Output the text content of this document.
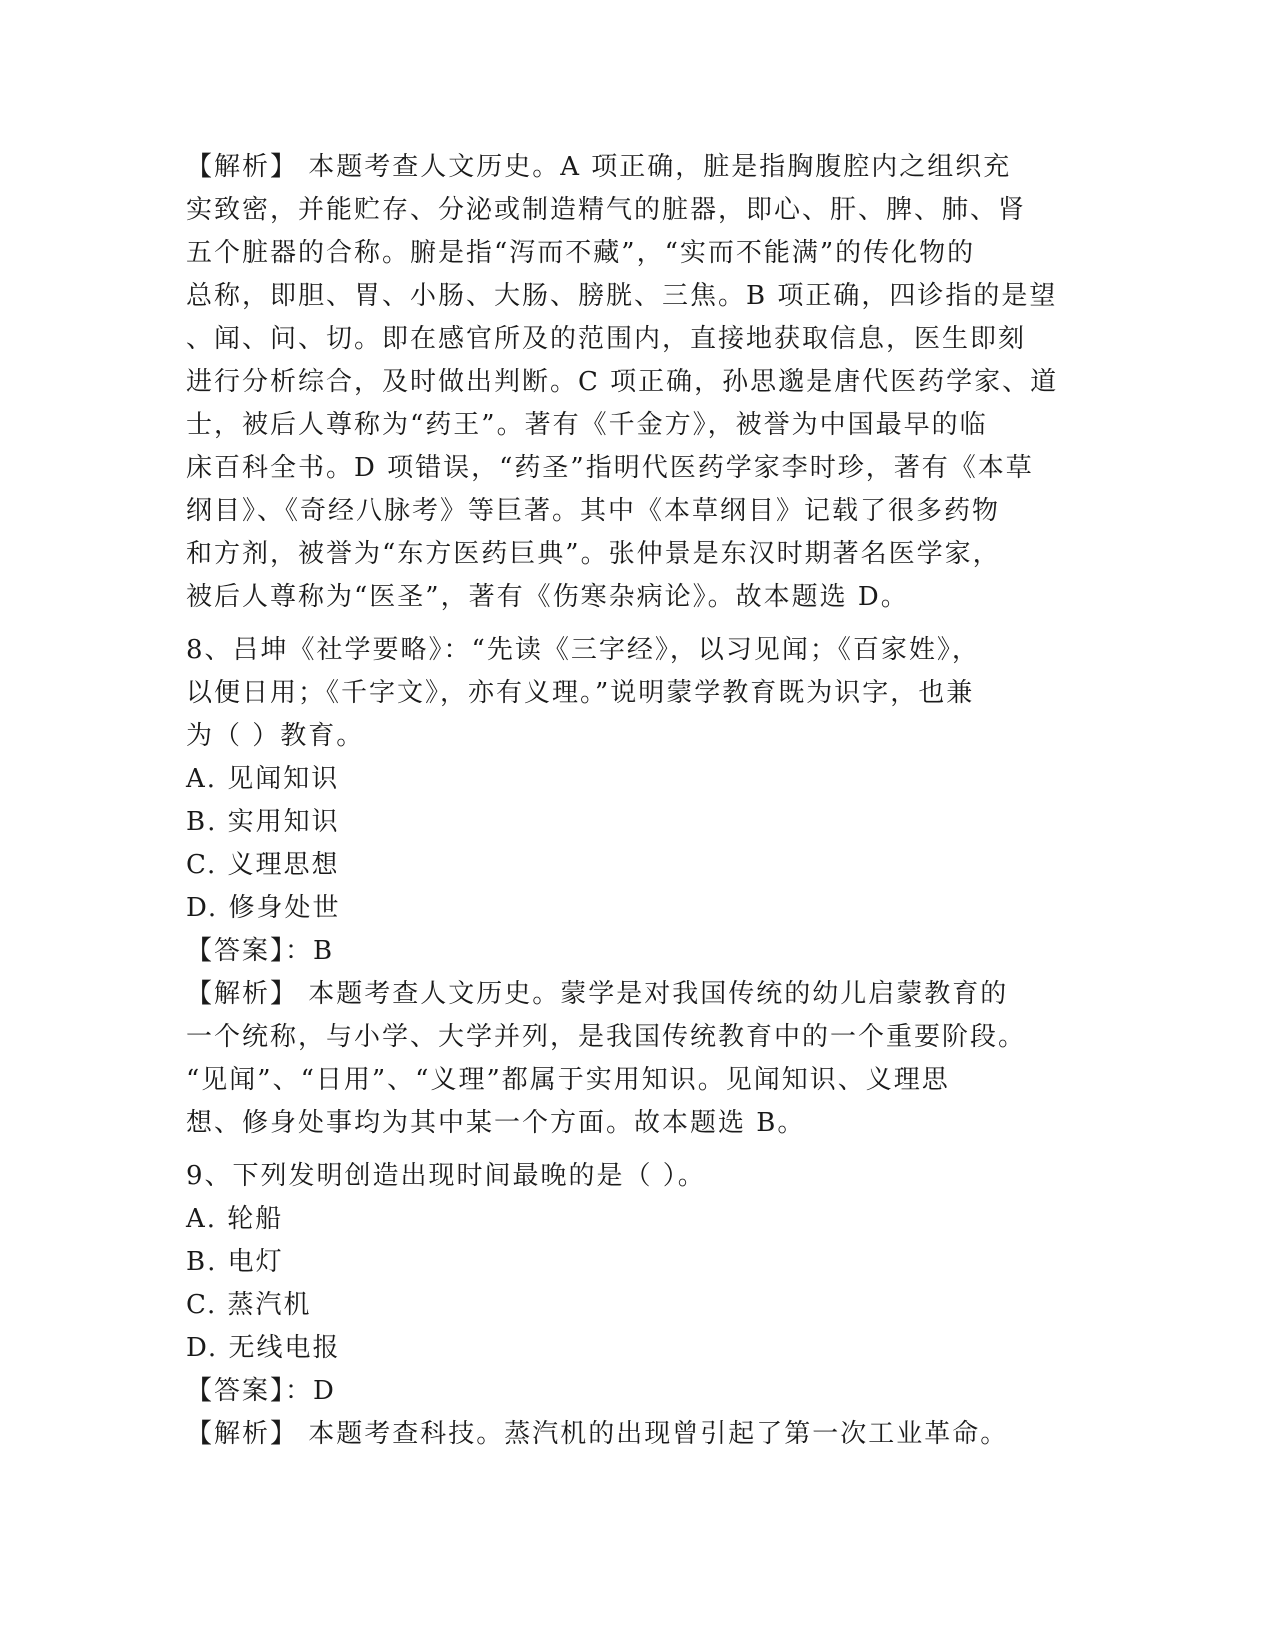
【解析】 本题考查人文历史。A 项正确，脏是指胸腹腔内之组织充
实致密，并能贮存、分泌或制造精气的脏器，即心、肝、脾、肺、肾
五个脏器的合称。腑是指“泻而不藏”，“实而不能满”的传化物的
总称，即胆、胃、小肠、大肠、膀胱、三焦。B 项正确，四诊指的是望
、闻、问、切。即在感官所及的范围内，直接地获取信息，医生即刻
进行分析综合，及时做出判断。C 项正确，孙思邈是唐代医药学家、道
士，被后人尊称为“药王”。著有《千金方》，被誉为中国最早的临
床百科全书。D 项错误，“药圣”指明代医药学家李时珍，著有《本草
纲目》、《奇经八脉考》等巨著。其中《本草纲目》记载了很多药物
和方剂，被誉为“东方医药巨典”。张仲景是东汉时期著名医学家，
被后人尊称为“医圣”，著有《伤寒杂病论》。故本题选 D。
8、吕坤《社学要略》：“先读《三字经》，以习见闻；《百家姓》，
以便日用；《千字文》，亦有义理。”说明蒙学教育既为识字，也兼
为（ ）教育。
A. 见闻知识
B. 实用知识
C. 义理思想
D. 修身处世
【答案】：B
【解析】 本题考查人文历史。蒙学是对我国传统的幼儿启蒙教育的
一个统称，与小学、大学并列，是我国传统教育中的一个重要阶段。
“见闻”、“日用”、“义理”都属于实用知识。见闻知识、义理思
想、修身处事均为其中某一个方面。故本题选 B。
9、下列发明创造出现时间最晚的是（ ）。
A. 轮船
B. 电灯
C. 蒸汽机
D. 无线电报
【答案】：D
【解析】 本题考查科技。蒸汽机的出现曾引起了第一次工业革命。
